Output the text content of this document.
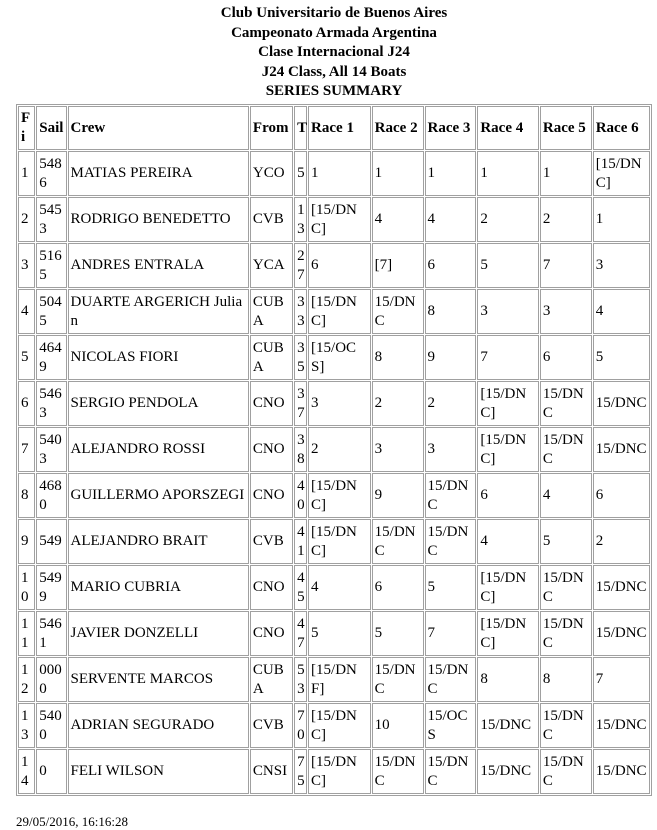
Club Universitario de Buenos Aires
Campeonato Armada Argentina
Clase Internacional J24
J24 Class, All 14 Boats
SERIES SUMMARY
Fi	Sail	Crew	From	T	Race 1	Race 2	Race 3	Race 4	Race 5	Race 6
1	5486	MATIAS PEREIRA	YCO	5	1	1	1	1	1	[15/DNC]
2	5453	RODRIGO BENEDETTO	CVB	13	[15/DNC]	4	4	2	2	1
3	5165	ANDRES ENTRALA	YCA	27	6	[7]	6	5	7	3
4	5045	DUARTE ARGERICH Julian	CUBA	33	[15/DNC]	15/DNC	8	3	3	4
5	4649	NICOLAS FIORI	CUBA	35	[15/OCS]	8	9	7	6	5
6	5463	SERGIO PENDOLA	CNO	37	3	2	2	[15/DNC]	15/DNC	15/DNC
7	5403	ALEJANDRO ROSSI	CNO	38	2	3	3	[15/DNC]	15/DNC	15/DNC
8	4680	GUILLERMO APORSZEGI	CNO	40	[15/DNC]	9	15/DNC	6	4	6
9	549	ALEJANDRO BRAIT	CVB	41	[15/DNC]	15/DNC	15/DNC	4	5	2
10	5499	MARIO CUBRIA	CNO	45	4	6	5	[15/DNC]	15/DNC	15/DNC
11	5461	JAVIER DONZELLI	CNO	47	5	5	7	[15/DNC]	15/DNC	15/DNC
12	0000	SERVENTE MARCOS	CUBA	53	[15/DNF]	15/DNC	15/DNC	8	8	7
13	5400	ADRIAN SEGURADO	CVB	70	[15/DNC]	10	15/OCS	15/DNC	15/DNC	15/DNC
14	0	FELI WILSON	CNSI	75	[15/DNC]	15/DNC	15/DNC	15/DNC	15/DNC	15/DNC
29/05/2016, 16:16:28
